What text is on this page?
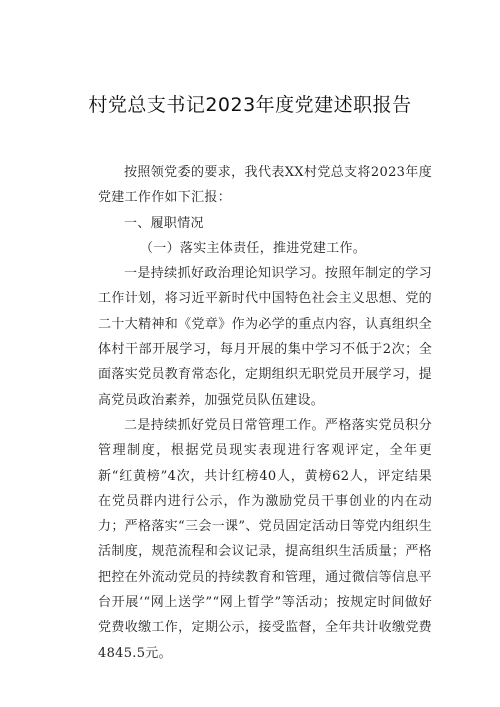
村党总支书记2023年度党建述职报告

按照领党委的要求，我代表XX村党总支将2023年度党建工作作如下汇报：

一、履职情况

（一）落实主体责任，推进党建工作。

一是持续抓好政治理论知识学习。按照年制定的学习工作计划，将习近平新时代中国特色社会主义思想、党的二十大精神和《党章》作为必学的重点内容，认真组织全体村干部开展学习，每月开展的集中学习不低于2次；全面落实党员教育常态化，定期组织无职党员开展学习，提高党员政治素养，加强党员队伍建设。

二是持续抓好党员日常管理工作。严格落实党员积分管理制度，根据党员现实表现进行客观评定，全年更新“红黄榜”4次，共计红榜40人，黄榜62人，评定结果在党员群内进行公示，作为激励党员干事创业的内在动力；严格落实“三会一课”、党员固定活动日等党内组织生活制度，规范流程和会议记录，提高组织生活质量；严格把控在外流动党员的持续教育和管理，通过微信等信息平台开展‘“网上送学”“网上晢学”等活动；按规定时间做好党费收缴工作，定期公示，接受监督，全年共计收缴党费4845.5元。
